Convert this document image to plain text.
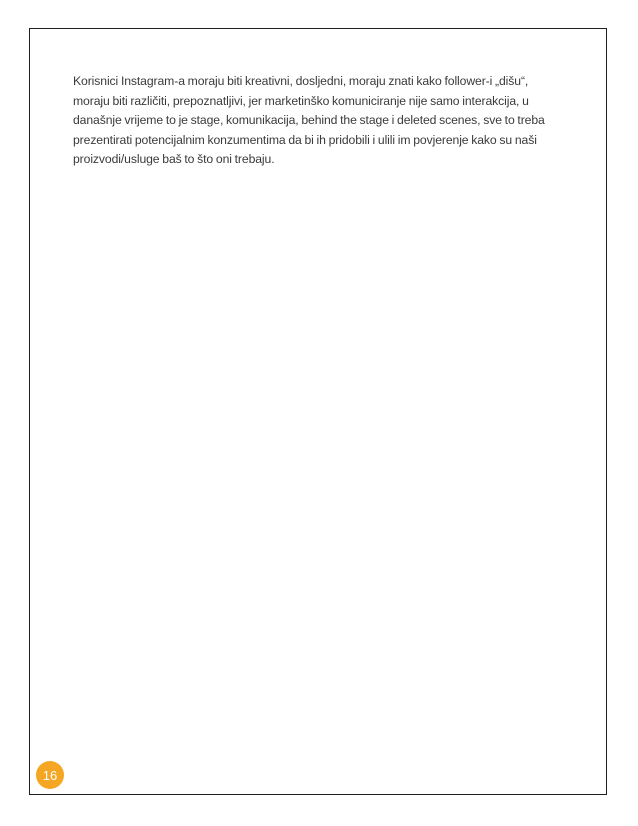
Korisnici Instagram-a moraju biti kreativni, dosljedni, moraju znati kako follower-i „dišu“,
moraju biti različiti, prepoznatljivi, jer marketinško komuniciranje nije samo interakcija, u
današnje vrijeme to je stage, komunikacija, behind the stage i deleted scenes, sve to treba
prezentirati potencijalnim konzumentima da bi ih pridobili i ulili im povjerenje kako su naši
proizvodi/usluge baš to što oni trebaju.

16
